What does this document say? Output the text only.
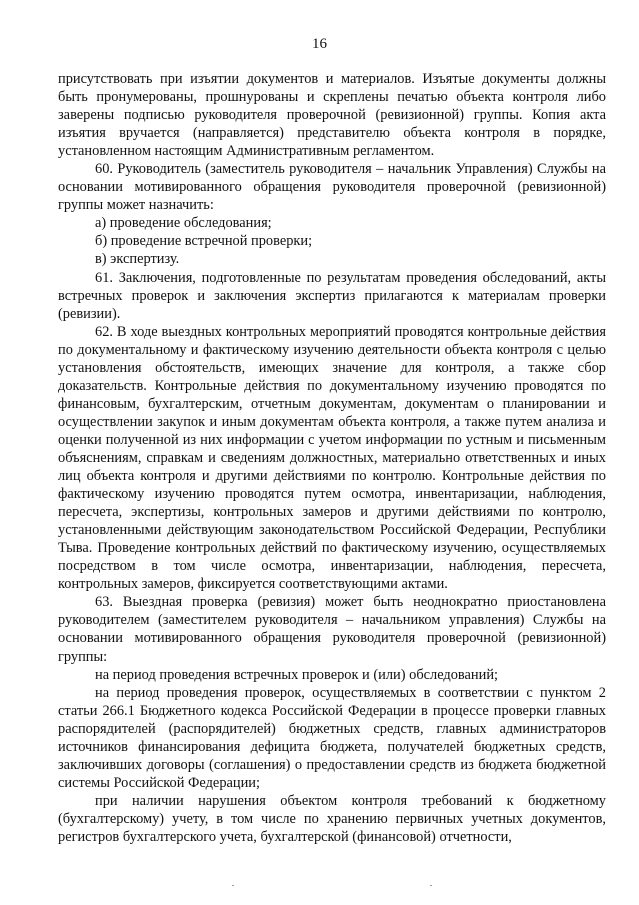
16

присутствовать при изъятии документов и материалов. Изъятые документы должны быть пронумерованы, прошнурованы и скреплены печатью объекта контроля либо заверены подписью руководителя проверочной (ревизионной) группы. Копия акта изъятия вручается (направляется) представителю объекта контроля в порядке, установленном настоящим Административным регламентом.

60. Руководитель (заместитель руководителя – начальник Управления) Службы на основании мотивированного обращения руководителя проверочной (ревизионной) группы может назначить:

а) проведение обследования;

б) проведение встречной проверки;

в) экспертизу.

61. Заключения, подготовленные по результатам проведения обследований, акты встречных проверок и заключения экспертиз прилагаются к материалам проверки (ревизии).

62. В ходе выездных контрольных мероприятий проводятся контрольные действия по документальному и фактическому изучению деятельности объекта контроля с целью установления обстоятельств, имеющих значение для контроля, а также сбор доказательств. Контрольные действия по документальному изучению проводятся по финансовым, бухгалтерским, отчетным документам, документам о планировании и осуществлении закупок и иным документам объекта контроля, а также путем анализа и оценки полученной из них информации с учетом информации по устным и письменным объяснениям, справкам и сведениям должностных, материально ответственных и иных лиц объекта контроля и другими действиями по контролю. Контрольные действия по фактическому изучению проводятся путем осмотра, инвентаризации, наблюдения, пересчета, экспертизы, контрольных замеров и другими действиями по контролю, установленными действующим законодательством Российской Федерации, Республики Тыва. Проведение контрольных действий по фактическому изучению, осуществляемых посредством в том числе осмотра, инвентаризации, наблюдения, пересчета, контрольных замеров, фиксируется соответствующими актами.

63. Выездная проверка (ревизия) может быть неоднократно приостановлена руководителем (заместителем руководителя – начальником управления) Службы на основании мотивированного обращения руководителя проверочной (ревизионной) группы:

на период проведения встречных проверок и (или) обследований;

на период проведения проверок, осуществляемых в соответствии с пунктом 2 статьи 266.1 Бюджетного кодекса Российской Федерации в процессе проверки главных распорядителей (распорядителей) бюджетных средств, главных администраторов источников финансирования дефицита бюджета, получателей бюджетных средств, заключивших договоры (соглашения) о предоставлении средств из бюджета бюджетной системы Российской Федерации;

при наличии нарушения объектом контроля требований к бюджетному (бухгалтерскому) учету, в том числе по хранению первичных учетных документов, регистров бухгалтерского учета, бухгалтерской (финансовой) отчетности,
